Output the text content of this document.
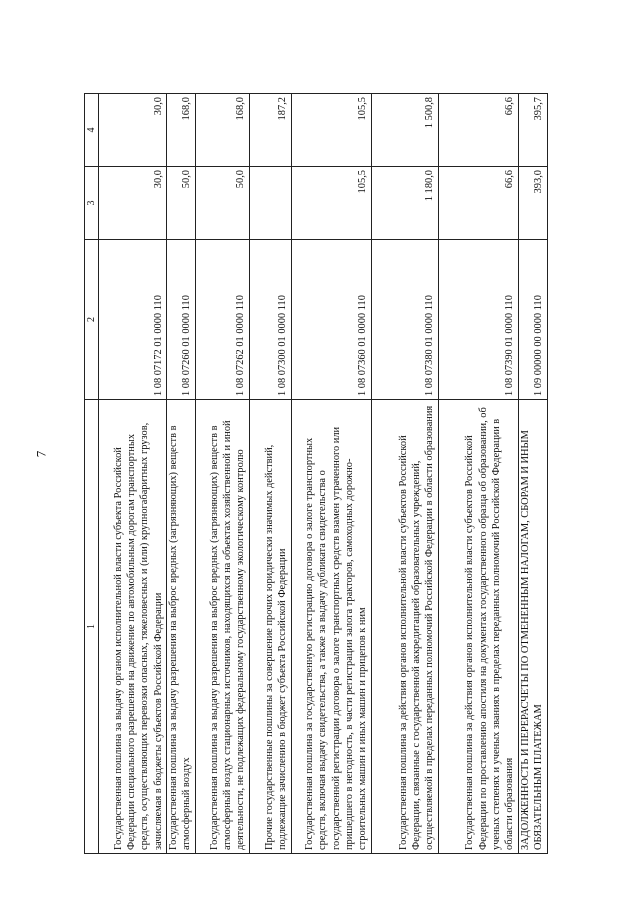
7
1	2	3	4
Государственная пошлина за выдачу органом исполнительной власти субъекта Российской Федерации специального разрешения на движение по автомобильным дорогам транспортных средств, осуществляющих перевозки опасных, тяжеловесных и (или) крупногабаритных грузов, зачисляемая в бюджеты субъектов Российской Федерации	1 08 07172 01 0000 110	30,0	30,0
Государственная пошлина за выдачу разрешения на выброс вредных (загрязняющих) веществ в атмосферный воздух	1 08 07260 01 0000 110	50,0	168,0
Государственная пошлина за выдачу разрешения на выброс вредных (загрязняющих) веществ в атмосферный воздух стационарных источников, находящихся на объектах хозяйственной и иной деятельности, не подлежащих федеральному государственному экологическому контролю	1 08 07262 01 0000 110	50,0	168,0
Прочие государственные пошлины за совершение прочих юридически значимых действий, подлежащие зачислению в бюджет субъекта Российской Федерации	1 08 07300 01 0000 110		187,2
Государственная пошлина за государственную регистрацию договора о залоге транспортных средств, включая выдачу свидетельства, а также за выдачу дубликата свидетельства о государственной регистрации договора о залоге транспортных средств взамен утраченного или пришедшего в негодность, в части регистрации залога тракторов, самоходных дорожно-строительных машин и иных машин и прицепов к ним	1 08 07360 01 0000 110	105,5	105,5
Государственная пошлина за действия органов исполнительной власти субъектов Российской Федерации, связанные с государственной аккредитацией образовательных учреждений, осуществляемой в пределах переданных полномочий Российской Федерации в области образования	1 08 07380 01 0000 110	1 180,0	1 500,8
Государственная пошлина за действия органов исполнительной власти субъектов Российской Федерации по проставлению апостиля на документах государственного образца об образовании, об ученых степенях и ученых званиях в пределах переданных полномочий Российской Федерации в области образования	1 08 07390 01 0000 110	66,6	66,6
ЗАДОЛЖЕННОСТЬ И ПЕРЕРАСЧЕТЫ ПО ОТМЕНЕННЫМ НАЛОГАМ, СБОРАМ И ИНЫМ ОБЯЗАТЕЛЬНЫМ ПЛАТЕЖАМ	1 09 00000 00 0000 110	393,0	395,7
